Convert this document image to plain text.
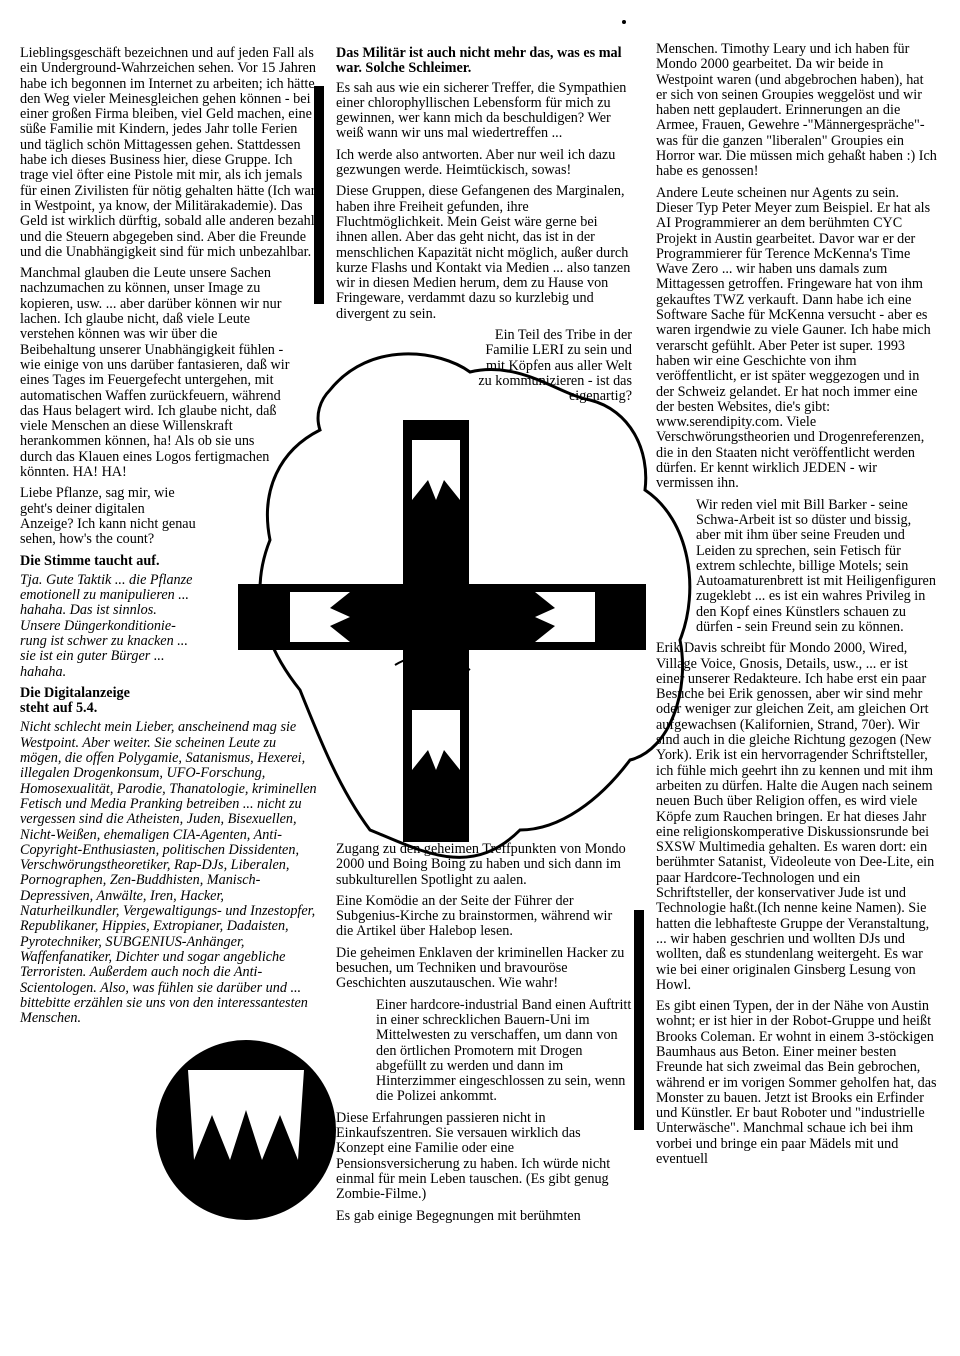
Lieblingsgeschäft bezeichnen und auf jeden Fall als ein Underground-Wahrzeichen sehen. Vor 15 Jahren habe ich begonnen im Internet zu arbeiten; ich hätte den Weg vieler Meinesgleichen gehen können - bei einer großen Firma bleiben, viel Geld machen, eine süße Familie mit Kindern, jedes Jahr tolle Ferien und täglich schön Mittagessen gehen. Stattdessen habe ich dieses Business hier, diese Gruppe. Ich trage viel öfter eine Pistole mit mir, als ich jemals für einen Zivilisten für nötig gehalten hätte (Ich war in Westpoint, ya know, der Militärakademie). Das Geld ist wirklich dürftig, sobald alle anderen bezahlt und die Steuern abgegeben sind. Aber die Freunde und die Unabhängigkeit sind für mich unbezahlbar.

Manchmal glauben die Leute unsere Sachen nachzumachen zu können, unser Image zu kopieren, usw. ... aber darüber können wir nur lachen. Ich glaube nicht, daß viele Leute verstehen können was wir über die Beibehaltung unserer Unabhängigkeit fühlen - wie einige von uns darüber fantasieren, daß wir eines Tages im Feuergefecht untergehen, mit automatischen Waffen zurückfeuern, während das Haus belagert wird. Ich glaube nicht, daß viele Menschen an diese Willenskraft herankommen können, ha! Als ob sie uns durch das Klauen eines Logos fertigmachen könnten. HA! HA!

Liebe Pflanze, sag mir, wie geht's deiner digitalen Anzeige? Ich kann nicht genau sehen, how's the count?

Die Stimme taucht auf.

Tja. Gute Taktik ... die Pflanze emotionell zu manipulieren ... hahaha. Das ist sinnlos. Unsere Düngerkonditionie-rung ist schwer zu knacken ... sie ist ein guter Bürger ... hahaha.

Die Digitalanzeige steht auf 5.4.

Nicht schlecht mein Lieber, anscheinend mag sie Westpoint. Aber weiter. Sie scheinen Leute zu mögen, die offen Polygamie, Satanismus, Hexerei, illegalen Drogenkonsum, UFO-Forschung, Homosexualität, Parodie, Thanatologie, kriminellen Fetisch und Media Pranking betreiben ... nicht zu vergessen sind die Atheisten, Juden, Bisexuellen, Nicht-Weißen, ehemaligen CIA-Agenten, Anti-Copyright-Enthusiasten, politischen Dissidenten, Verschwörungstheoretiker, Rap-DJs, Liberalen, Pornographen, Zen-Buddhisten, Manisch-Depressiven, Anwälte, Iren, Hacker, Naturheilkundler, Vergewaltigungs- und Inzestopfer, Republikaner, Hippies, Extropianer, Dadaisten, Pyrotechniker, SUBGENIUS-Anhänger, Waffenfanatiker, Dichter und sogar angebliche Terroristen. Außerdem auch noch die Anti-Scientologen. Also, was fühlen sie darüber und ... bittebitte erzählen sie uns von den interessantesten Menschen.

Das Militär ist auch nicht mehr das, was es mal war. Solche Schleimer.

Es sah aus wie ein sicherer Treffer, die Sympathien einer chlorophyllischen Lebensform für mich zu gewinnen, wer kann mich da beschuldigen? Wer weiß wann wir uns mal wiedertreffen ...

Ich werde also antworten. Aber nur weil ich dazu gezwungen werde. Heimtückisch, sowas!

Diese Gruppen, diese Gefangenen des Marginalen, haben ihre Freiheit gefunden, ihre Fluchtmöglichkeit. Mein Geist wäre gerne bei ihnen allen. Aber das geht nicht, das ist in der menschlichen Kapazität nicht möglich, außer durch kurze Flashs und Kontakt via Medien ... also tanzen wir in diesen Medien herum, dem zu Hause von Fringeware, verdammt dazu so kurzlebig und divergent zu sein.

Ein Teil des Tribe in der Familie LERI zu sein und mit Köpfen aus aller Welt zu kommunizieren - ist das eigenartig?

Zugang zu den geheimen Treffpunkten von Mondo 2000 und Boing Boing zu haben und sich dann im subkulturellen Spotlight zu aalen.

Eine Komödie an der Seite der Führer der Subgenius-Kirche zu brainstormen, während wir die Artikel über Halebop lesen.

Die geheimen Enklaven der kriminellen Hacker zu besuchen, um Techniken und bravouröse Geschichten auszutauschen. Wie wahr!

Einer hardcore-industrial Band einen Auftritt in einer schrecklichen Bauern-Uni im Mittelwesten zu verschaffen, um dann von den örtlichen Promotern mit Drogen abgefüllt zu werden und dann im Hinterzimmer eingeschlossen zu sein, wenn die Polizei ankommt.

Diese Erfahrungen passieren nicht in Einkaufszentren. Sie versauen wirklich das Konzept eine Familie oder eine Pensionsversicherung zu haben. Ich würde nicht einmal für mein Leben tauschen. (Es gibt genug Zombie-Filme.)

Es gab einige Begegnungen mit berühmten

Menschen. Timothy Leary und ich haben für Mondo 2000 gearbeitet. Da wir beide in Westpoint waren (und abgebrochen haben), hat er sich von seinen Groupies weggelöst und wir haben nett geplaudert. Erinnerungen an die Armee, Frauen, Gewehre -"Männergespräche"- was für die ganzen "liberalen" Groupies ein Horror war. Die müssen mich gehaßt haben :) Ich habe es genossen!

Andere Leute scheinen nur Agents zu sein. Dieser Typ Peter Meyer zum Beispiel. Er hat als AI Programmierer an dem berühmten CYC Projekt in Austin gearbeitet. Davor war er der Programmierer für Terence McKenna's Time Wave Zero ... wir haben uns damals zum Mittagessen getroffen. Fringeware hat von ihm gekauftes TWZ verkauft. Dann habe ich eine Software Sache für McKenna versucht - aber es waren irgendwie zu viele Gauner. Ich habe mich verarscht gefühlt. Aber Peter ist super. 1993 haben wir eine Geschichte von ihm veröffentlicht, er ist später weggezogen und in der Schweiz gelandet. Er hat noch immer eine der besten Websites, die's gibt: www.serendipity.com. Viele Verschwörungstheorien und Drogenreferenzen, die in den Staaten nicht veröffentlicht werden dürfen. Er kennt wirklich JEDEN - wir vermissen ihn.

Wir reden viel mit Bill Barker - seine Schwa-Arbeit ist so düster und bissig, aber mit ihm über seine Freuden und Leiden zu sprechen, sein Fetisch für extrem schlechte, billige Motels; sein Autoamaturenbrett ist mit Heiligenfiguren zugeklebt ... es ist ein wahres Privileg in den Kopf eines Künstlers schauen zu dürfen - sein Freund sein zu können.

Erik Davis schreibt für Mondo 2000, Wired, Village Voice, Gnosis, Details, usw., ... er ist einer unserer Redakteure. Ich habe erst ein paar Besuche bei Erik genossen, aber wir sind mehr oder weniger zur gleichen Zeit, am gleichen Ort aufgewachsen (Kalifornien, Strand, 70er). Wir sind auch in die gleiche Richtung gezogen (New York). Erik ist ein hervorragender Schriftsteller, ich fühle mich geehrt ihn zu kennen und mit ihm arbeiten zu dürfen. Halte die Augen nach seinem neuen Buch über Religion offen, es wird viele Köpfe zum Rauchen bringen. Er hat dieses Jahr eine religionskomperative Diskussionsrunde bei SXSW Multimedia gehalten. Es waren dort: ein berühmter Satanist, Videoleute von Dee-Lite, ein paar Hardcore-Technologen und ein Schriftsteller, der konservativer Jude ist und Technologie haßt.(Ich nenne keine Namen). Sie hatten die lebhafteste Gruppe der Veranstaltung, ... wir haben geschrien und wollten DJs und wollten, daß es stundenlang weitergeht. Es war wie bei einer originalen Ginsberg Lesung von Howl.

Es gibt einen Typen, der in der Nähe von Austin wohnt; er ist hier in der Robot-Gruppe und heißt Brooks Coleman. Er wohnt in einem 3-stöckigen Baumhaus aus Beton. Einer meiner besten Freunde hat sich zweimal das Bein gebrochen, während er im vorigen Sommer geholfen hat, das Monster zu bauen. Jetzt ist Brooks ein Erfinder und Künstler. Er baut Roboter und "industrielle Unterwäsche". Manchmal schaue ich bei ihm vorbei und bringe ein paar Mädels mit und eventuell
